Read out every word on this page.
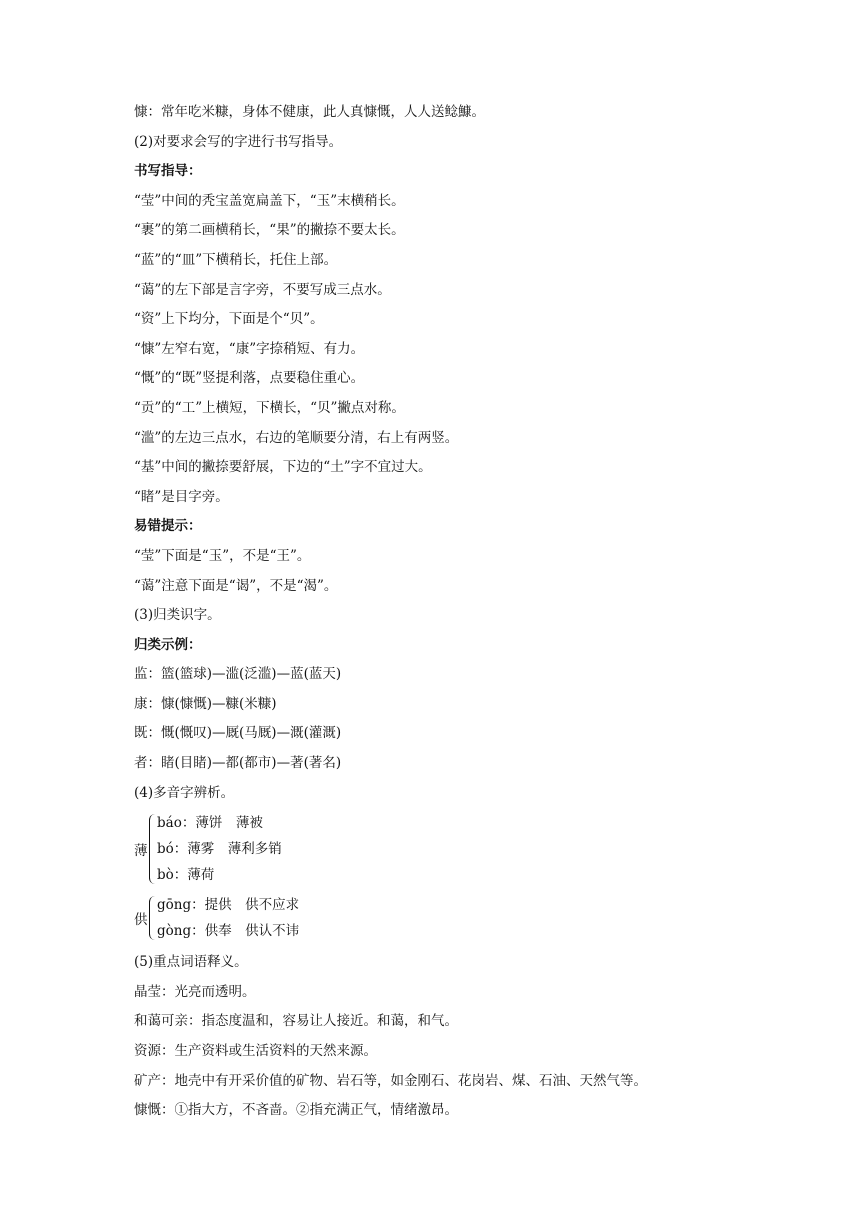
慷：常年吃米糠，身体不健康，此人真慷慨，人人送鲶鱇。
(2)对要求会写的字进行书写指导。
书写指导：
“莹”中间的秃宝盖宽扁盖下，“玉”末横稍长。
“裹”的第二画横稍长，“果”的撇捺不要太长。
“蓝”的“皿”下横稍长，托住上部。
“蔼”的左下部是言字旁，不要写成三点水。
“资”上下均分，下面是个“贝”。
“慷”左窄右宽，“康”字捺稍短、有力。
“慨”的“既”竖提利落，点要稳住重心。
“贡”的“工”上横短，下横长，“贝”撇点对称。
“滥”的左边三点水，右边的笔顺要分清，右上有两竖。
“基”中间的撇捺要舒展，下边的“土”字不宜过大。
“睹”是目字旁。
易错提示：
“莹”下面是“玉”，不是“王”。
“蔼”注意下面是“谒”，不是“渴”。
(3)归类识字。
归类示例：
监：篮(篮球)—滥(泛滥)—蓝(蓝天)
康：慷(慷慨)—糠(米糠)
既：慨(慨叹)—厩(马厩)—溉(灌溉)
者：睹(目睹)—都(都市)—著(著名)
(4)多音字辨析。
薄
báo：薄饼　薄被
bó：薄雾　薄利多销
bò：薄荷
供
gōng：提供　供不应求
gòng：供奉　供认不讳
(5)重点词语释义。
晶莹：光亮而透明。
和蔼可亲：指态度温和，容易让人接近。和蔼，和气。
资源：生产资料或生活资料的天然来源。
矿产：地壳中有开采价值的矿物、岩石等，如金刚石、花岗岩、煤、石油、天然气等。
慷慨：①指大方，不吝啬。②指充满正气，情绪激昂。
